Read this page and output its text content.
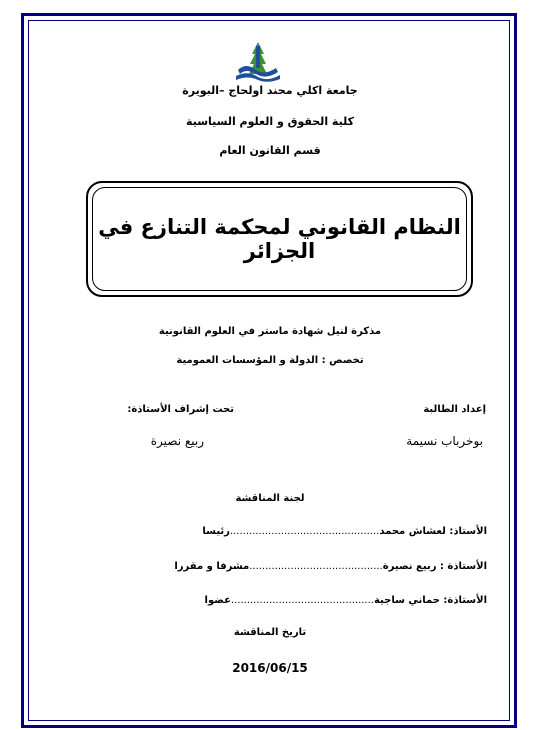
جامعة اكلي محند اولحاج –البويرة
كلية الحقوق و العلوم السياسية
قسم القانون العام
النظام القانوني لمحكمة التنازع في الجزائر
مذكرة لنيل شهادة ماستر في العلوم القانونية
تخصص : الدولة و المؤسسات العمومية
إعداد الطالبة
تحت إشراف الأستاذة:
بوخرباب نسيمة
ربيع نصيرة
لجنة المناقشة
الأستاذ: لعشاش محمد...............................................رئيسا
الأستاذة : ربيع نصيرة..........................................مشرفا و مقررا
الأستاذة: حماني ساجية.............................................عضوا
تاريخ المناقشة
2016/06/15
